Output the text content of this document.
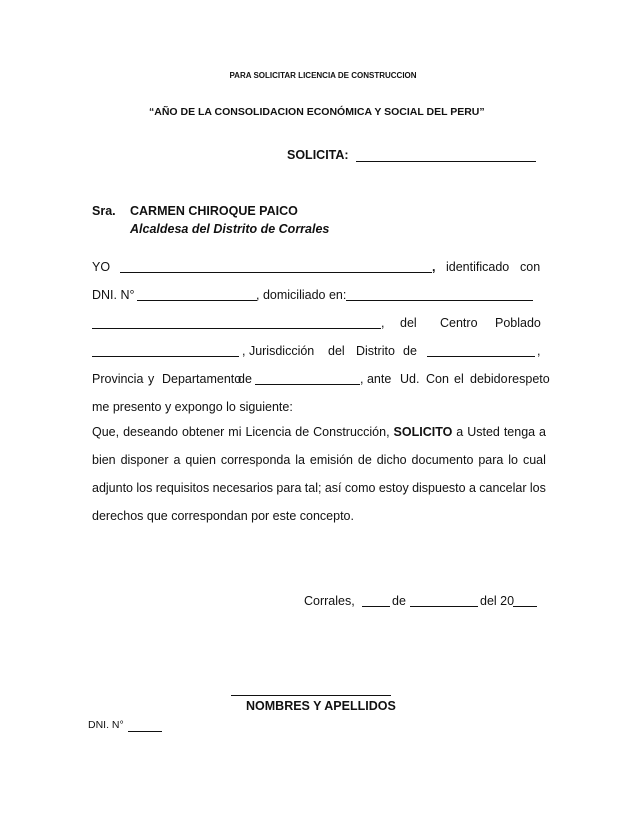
PARA SOLICITAR LICENCIA DE CONSTRUCCION
“AÑO DE LA CONSOLIDACION ECONÓMICA Y SOCIAL DEL PERU”
SOLICITA:
Sra. CARMEN CHIROQUE PAICO
Alcaldesa del Distrito de Corrales
YO	, identificado con
DNI. N°	, domiciliado en:
, del Centro Poblado
, Jurisdicción del Distrito de	,
Provincia y Departamento
de	, ante Ud. Con el debido respeto
me presento y expongo lo siguiente:
Que, deseando obtener mi Licencia de Construcción, SOLICITO a Usted tenga a
bien disponer a quien corresponda la emisión de dicho documento para lo cual
adjunto los requisitos necesarios para tal; así como estoy dispuesto a cancelar los
derechos que correspondan por este concepto.
Corrales,	de	del 20
NOMBRES Y APELLIDOS
DNI. N°
